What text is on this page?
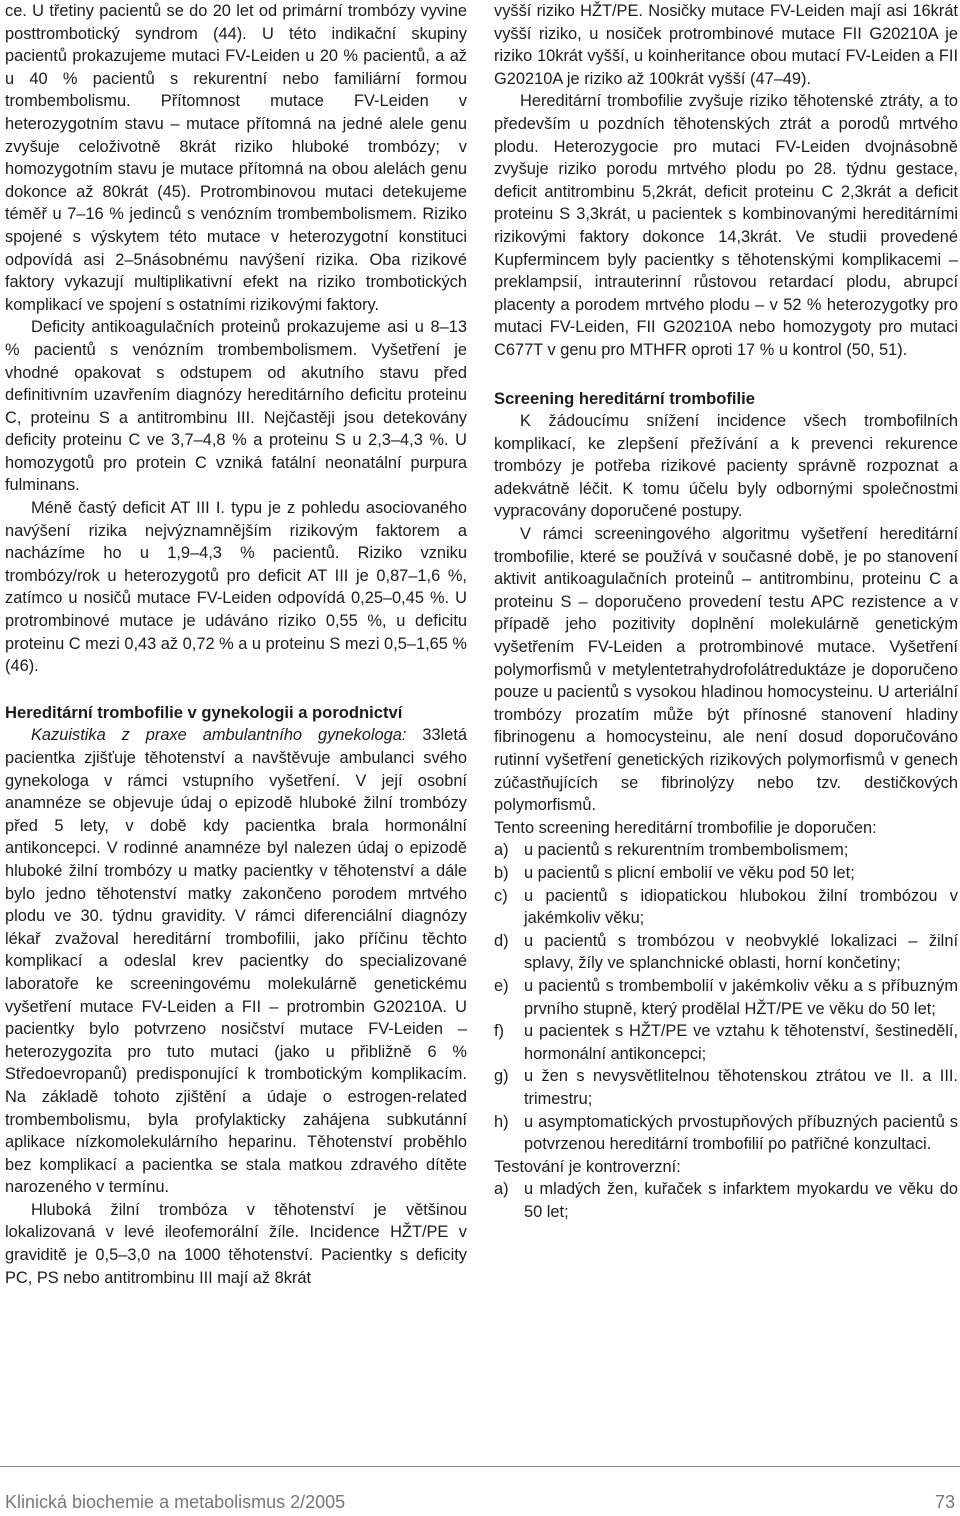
ce. U třetiny pacientů se do 20 let od primární trombózy vyvine posttrombotický syndrom (44). U této indikační skupiny pacientů prokazujeme mutaci FV-Leiden u 20 % pacientů, a až u 40 % pacientů s rekurentní nebo familiární formou trombembolismu. Přítomnost mutace FV-Leiden v heterozygotním stavu – mutace přítomná na jedné alele genu zvyšuje celoživotně 8krát riziko hluboké trombózy; v homozygotním stavu je mutace přítomná na obou alelách genu dokonce až 80krát (45). Protrombinovou mutaci detekujeme téměř u 7–16 % jedinců s venózním trombembolismem. Riziko spojené s výskytem této mutace v heterozygotní konstituci odpovídá asi 2–5násobnému navýšení rizika. Oba rizikové faktory vykazují multiplikativní efekt na riziko trombotických komplikací ve spojení s ostatními rizikovými faktory.

Deficity antikoagulačních proteinů prokazujeme asi u 8–13 % pacientů s venózním trombembolismem. Vyšetření je vhodné opakovat s odstupem od akutního stavu před definitivním uzavřením diagnózy hereditárního deficitu proteinu C, proteinu S a antitrombinu III. Nejčastěji jsou detekovány deficity proteinu C ve 3,7–4,8 % a proteinu S u 2,3–4,3 %. U homozygotů pro protein C vzniká fatální neonatální purpura fulminans.

Méně častý deficit AT III I. typu je z pohledu asociovaného navýšení rizika nejvýznamnějším rizikovým faktorem a nacházíme ho u 1,9–4,3 % pacientů. Riziko vzniku trombózy/rok u heterozygotů pro deficit AT III je 0,87–1,6 %, zatímco u nosičů mutace FV-Leiden odpovídá 0,25–0,45 %. U protrombinové mutace je udáváno riziko 0,55 %, u deficitu proteinu C mezi 0,43 až 0,72 % a u proteinu S mezi 0,5–1,65 % (46).

Hereditární trombofilie v gynekologii a porodnictví

Kazuistika z praxe ambulantního gynekologa: 33letá pacientka zjišťuje těhotenství a navštěvuje ambulanci svého gynekologa v rámci vstupního vyšetření. V její osobní anamnéze se objevuje údaj o epizodě hluboké žilní trombózy před 5 lety, v době kdy pacientka brala hormonální antikoncepci. V rodinné anamnéze byl nalezen údaj o epizodě hluboké žilní trombózy u matky pacientky v těhotenství a dále bylo jedno těhotenství matky zakončeno porodem mrtvého plodu ve 30. týdnu gravidity. V rámci diferenciální diagnózy lékař zvažoval hereditární trombofilii, jako příčinu těchto komplikací a odeslal krev pacientky do specializované laboratoře ke screeningovému molekulárně genetickému vyšetření mutace FV-Leiden a FII – protrombin G20210A. U pacientky bylo potvrzeno nosičství mutace FV-Leiden – heterozygozita pro tuto mutaci (jako u přibližně 6 % Středoevropanů) predisponující k trombotickým komplikacím. Na základě tohoto zjištění a údaje o estrogen-related trombembolismu, byla profylakticky zahájena subkutánní aplikace nízkomolekulárního heparinu. Těhotenství proběhlo bez komplikací a pacientka se stala matkou zdravého dítěte narozeného v termínu.

Hluboká žilní trombóza v těhotenství je většinou lokalizovaná v levé ileofemorální žíle. Incidence HŽT/PE v graviditě je 0,5–3,0 na 1000 těhotenství. Pacientky s deficity PC, PS nebo antitrombinu III mají až 8krát

vyšší riziko HŽT/PE. Nosičky mutace FV-Leiden mají asi 16krát vyšší riziko, u nosiček protrombinové mutace FII G20210A je riziko 10krát vyšší, u koinheritance obou mutací FV-Leiden a FII G20210A je riziko až 100krát vyšší (47–49).

Hereditární trombofilie zvyšuje riziko těhotenské ztráty, a to především u pozdních těhotenských ztrát a porodů mrtvého plodu. Heterozygocie pro mutaci FV-Leiden dvojnásobně zvyšuje riziko porodu mrtvého plodu po 28. týdnu gestace, deficit antitrombinu 5,2krát, deficit proteinu C 2,3krát a deficit proteinu S 3,3krát, u pacientek s kombinovanými hereditárními rizikovými faktory dokonce 14,3krát. Ve studii provedené Kupfermincem byly pacientky s těhotenskými komplikacemi – preklampsií, intrauterinní růstovou retardací plodu, abrupcí placenty a porodem mrtvého plodu – v 52 % heterozygotky pro mutaci FV-Leiden, FII G20210A nebo homozygoty pro mutaci C677T v genu pro MTHFR oproti 17 % u kontrol (50, 51).

Screening hereditární trombofilie

K žádoucímu snížení incidence všech trombofilních komplikací, ke zlepšení přežívání a k prevenci rekurence trombózy je potřeba rizikové pacienty správně rozpoznat a adekvátně léčit. K tomu účelu byly odbornými společnostmi vypracovány doporučené postupy.

V rámci screeningového algoritmu vyšetření hereditární trombofilie, které se používá v současné době, je po stanovení aktivit antikoagulačních proteinů – antitrombinu, proteinu C a proteinu S – doporučeno provedení testu APC rezistence a v případě jeho pozitivity doplnění molekulárně genetickým vyšetřením FV-Leiden a protrombinové mutace. Vyšetření polymorfismů v metylentetrahydrofolátreduktáze je doporučeno pouze u pacientů s vysokou hladinou homocysteinu. U arteriální trombózy prozatím může být přínosné stanovení hladiny fibrinogenu a homocysteinu, ale není dosud doporučováno rutinní vyšetření genetických rizikových polymorfismů v genech zúčastňujících se fibrinolýzy nebo tzv. destičkových polymorfismů.

Tento screening hereditární trombofilie je doporučen:

a) u pacientů s rekurentním trombembolismem;
b) u pacientů s plicní embolií ve věku pod 50 let;
c) u pacientů s idiopatickou hlubokou žilní trombózou v jakémkoliv věku;
d) u pacientů s trombózou v neobvyklé lokalizaci – žilní splavy, žíly ve splanchnické oblasti, horní končetiny;
e) u pacientů s trombembolií v jakémkoliv věku a s příbuzným prvního stupně, který prodělal HŽT/PE ve věku do 50 let;
f)	u pacientek s HŽT/PE ve vztahu k těhotenství, šestinedělí, hormonální antikoncepci;
g) u žen s nevysvětlitelnou těhotenskou ztrátou ve II. a III. trimestru;
h) u asymptomatických prvostupňových příbuzných pacientů s potvrzenou hereditární trombofilií po patřičné konzultaci.

Testování je kontroverzní:

a) u mladých žen, kuřaček s infarktem myokardu ve věku do 50 let;
Klinická biochemie a metabolismus 2/2005	73
